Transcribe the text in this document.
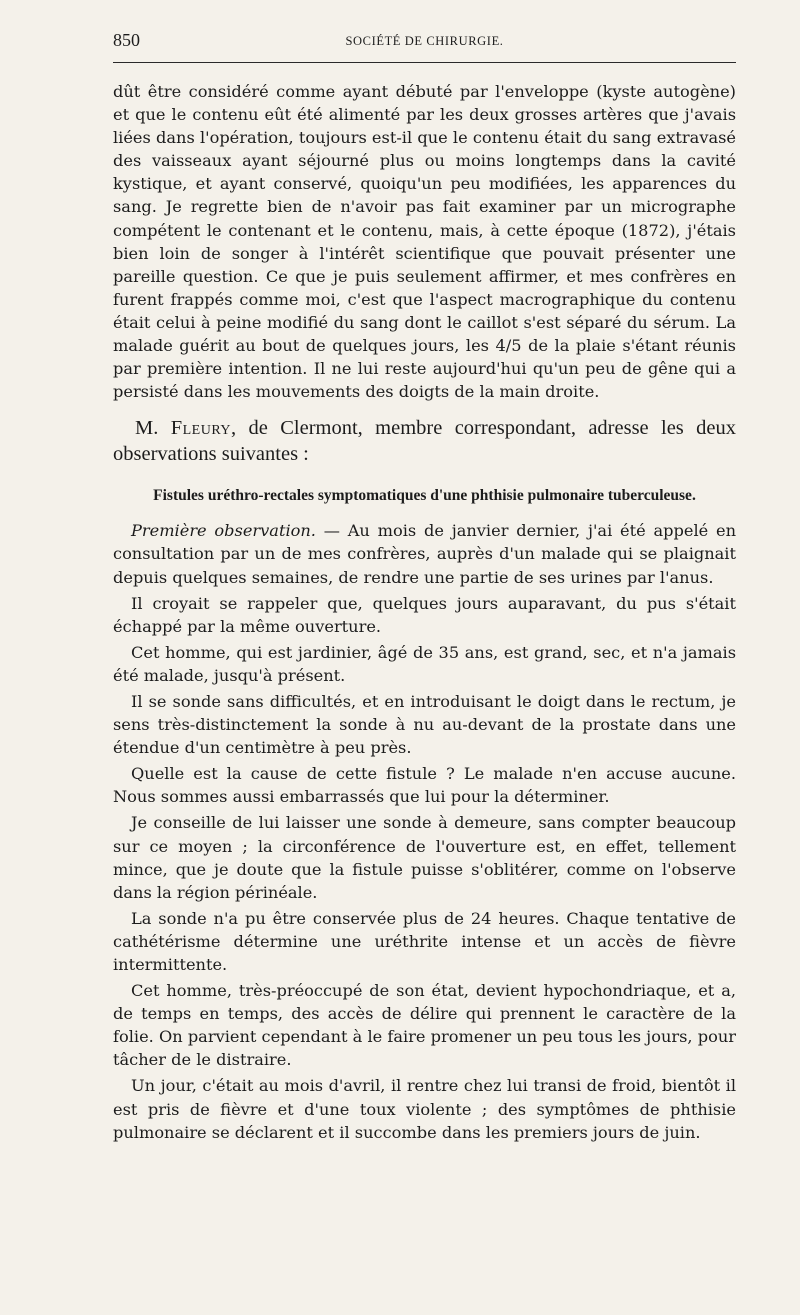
850	SOCIÉTÉ DE CHIRURGIE.

dût être considéré comme ayant débuté par l'enveloppe (kyste autogène) et que le contenu eût été alimenté par les deux grosses artères que j'avais liées dans l'opération, toujours est-il que le contenu était du sang extravasé des vaisseaux ayant séjourné plus ou moins longtemps dans la cavité kystique, et ayant conservé, quoiqu'un peu modifiées, les apparences du sang. Je regrette bien de n'avoir pas fait examiner par un micrographe compétent le contenant et le contenu, mais, à cette époque (1872), j'étais bien loin de songer à l'intérêt scientifique que pouvait présenter une pareille question. Ce que je puis seulement affirmer, et mes confrères en furent frappés comme moi, c'est que l'aspect macrographique du contenu était celui à peine modifié du sang dont le caillot s'est séparé du sérum. La malade guérit au bout de quelques jours, les 4/5 de la plaie s'étant réunis par première intention. Il ne lui reste aujourd'hui qu'un peu de gêne qui a persisté dans les mouvements des doigts de la main droite.

M. Fleury, de Clermont, membre correspondant, adresse les deux observations suivantes :

Fistules uréthro-rectales symptomatiques d'une phthisie pulmonaire tuberculeuse.

Première observation. — Au mois de janvier dernier, j'ai été appelé en consultation par un de mes confrères, auprès d'un malade qui se plaignait depuis quelques semaines, de rendre une partie de ses urines par l'anus.

Il croyait se rappeler que, quelques jours auparavant, du pus s'était échappé par la même ouverture.

Cet homme, qui est jardinier, âgé de 35 ans, est grand, sec, et n'a jamais été malade, jusqu'à présent.

Il se sonde sans difficultés, et en introduisant le doigt dans le rectum, je sens très-distinctement la sonde à nu au-devant de la prostate dans une étendue d'un centimètre à peu près.

Quelle est la cause de cette fistule ? Le malade n'en accuse aucune. Nous sommes aussi embarrassés que lui pour la déterminer.

Je conseille de lui laisser une sonde à demeure, sans compter beaucoup sur ce moyen ; la circonférence de l'ouverture est, en effet, tellement mince, que je doute que la fistule puisse s'oblitérer, comme on l'observe dans la région périnéale.

La sonde n'a pu être conservée plus de 24 heures. Chaque tentative de cathétérisme détermine une uréthrite intense et un accès de fièvre intermittente.

Cet homme, très-préoccupé de son état, devient hypochondriaque, et a, de temps en temps, des accès de délire qui prennent le caractère de la folie. On parvient cependant à le faire promener un peu tous les jours, pour tâcher de le distraire.

Un jour, c'était au mois d'avril, il rentre chez lui transi de froid, bientôt il est pris de fièvre et d'une toux violente ; des symptômes de phthisie pulmonaire se déclarent et il succombe dans les premiers jours de juin.
